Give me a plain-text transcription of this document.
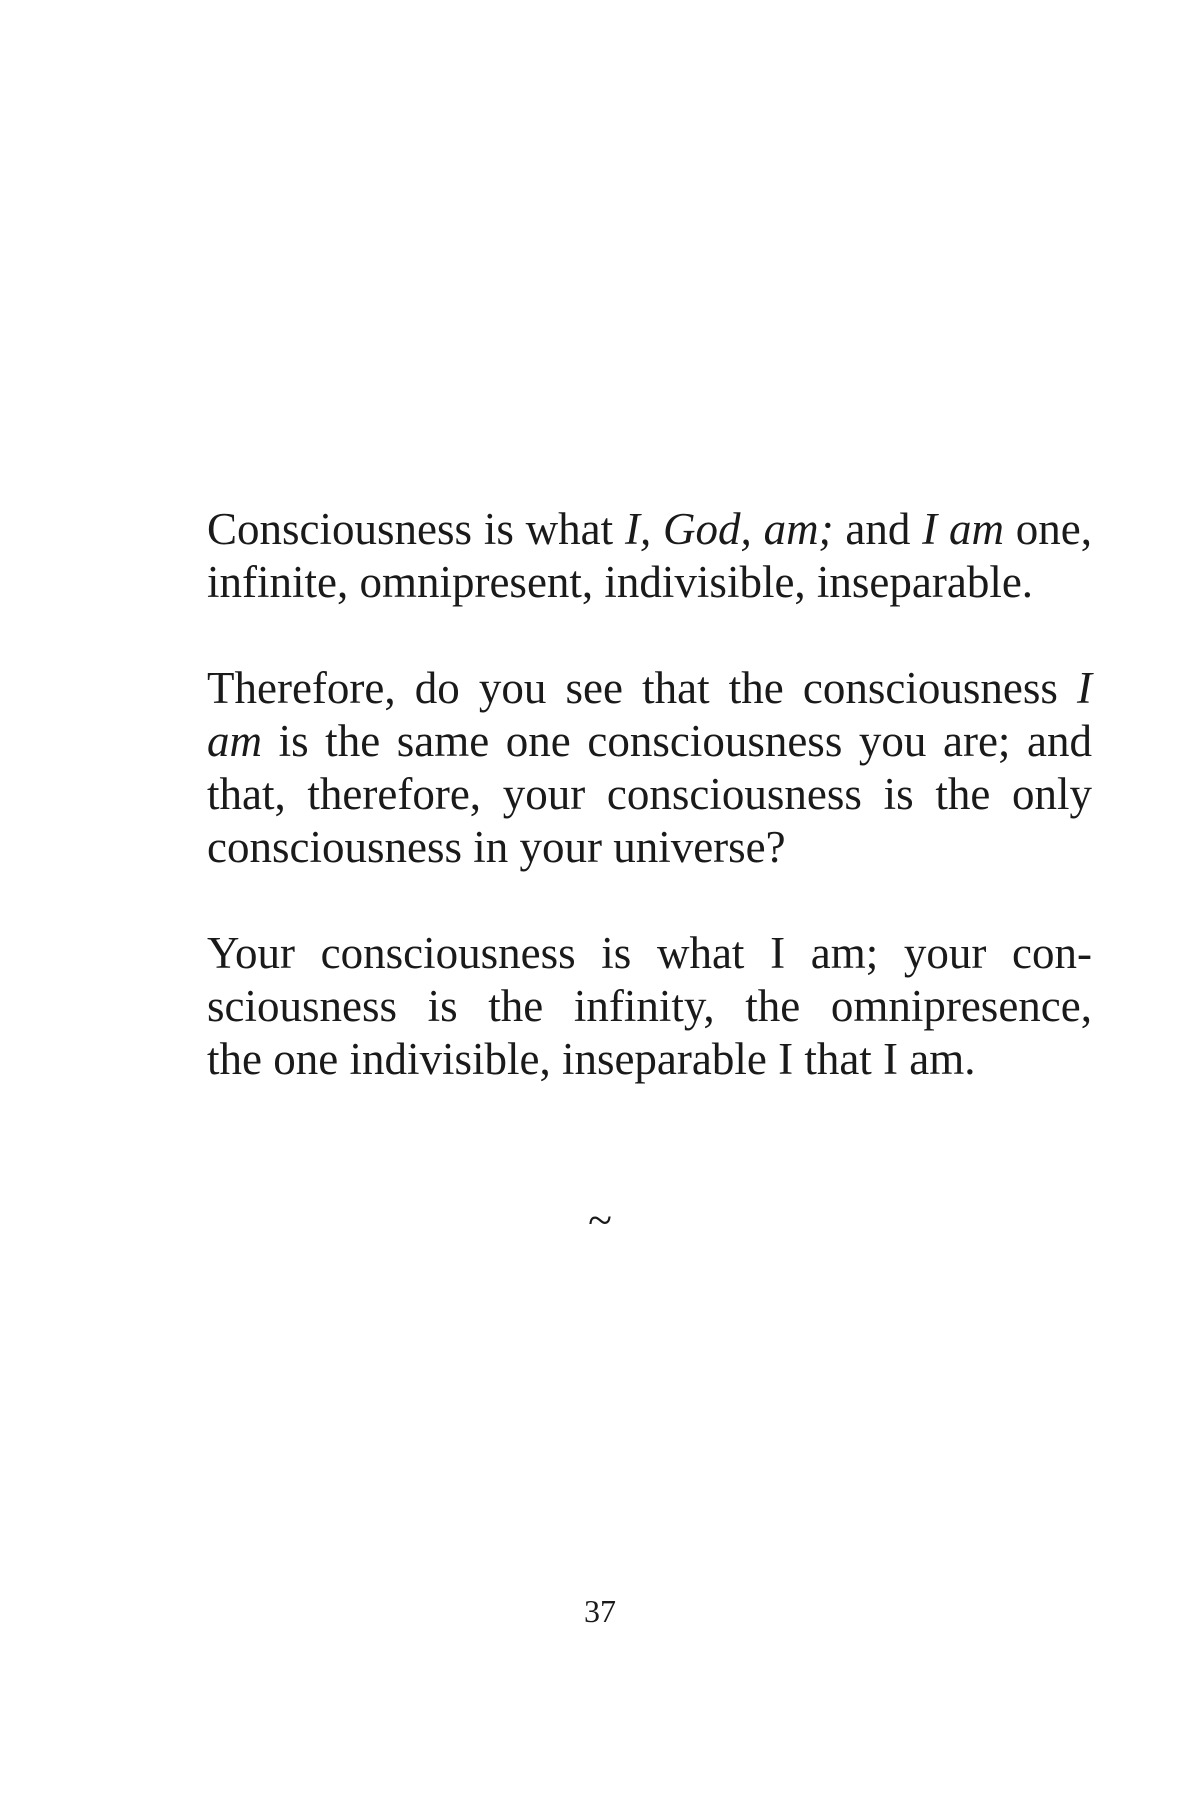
Consciousness is what I, God, am; and I am one,
infinite, omnipresent, indivisible, inseparable.

Therefore, do you see that the consciousness I
am is the same one consciousness you are; and
that, therefore, your consciousness is the only
consciousness in your universe?

Your consciousness is what I am; your con-
sciousness is the infinity, the omnipresence,
the one indivisible, inseparable I that I am.

~
37
